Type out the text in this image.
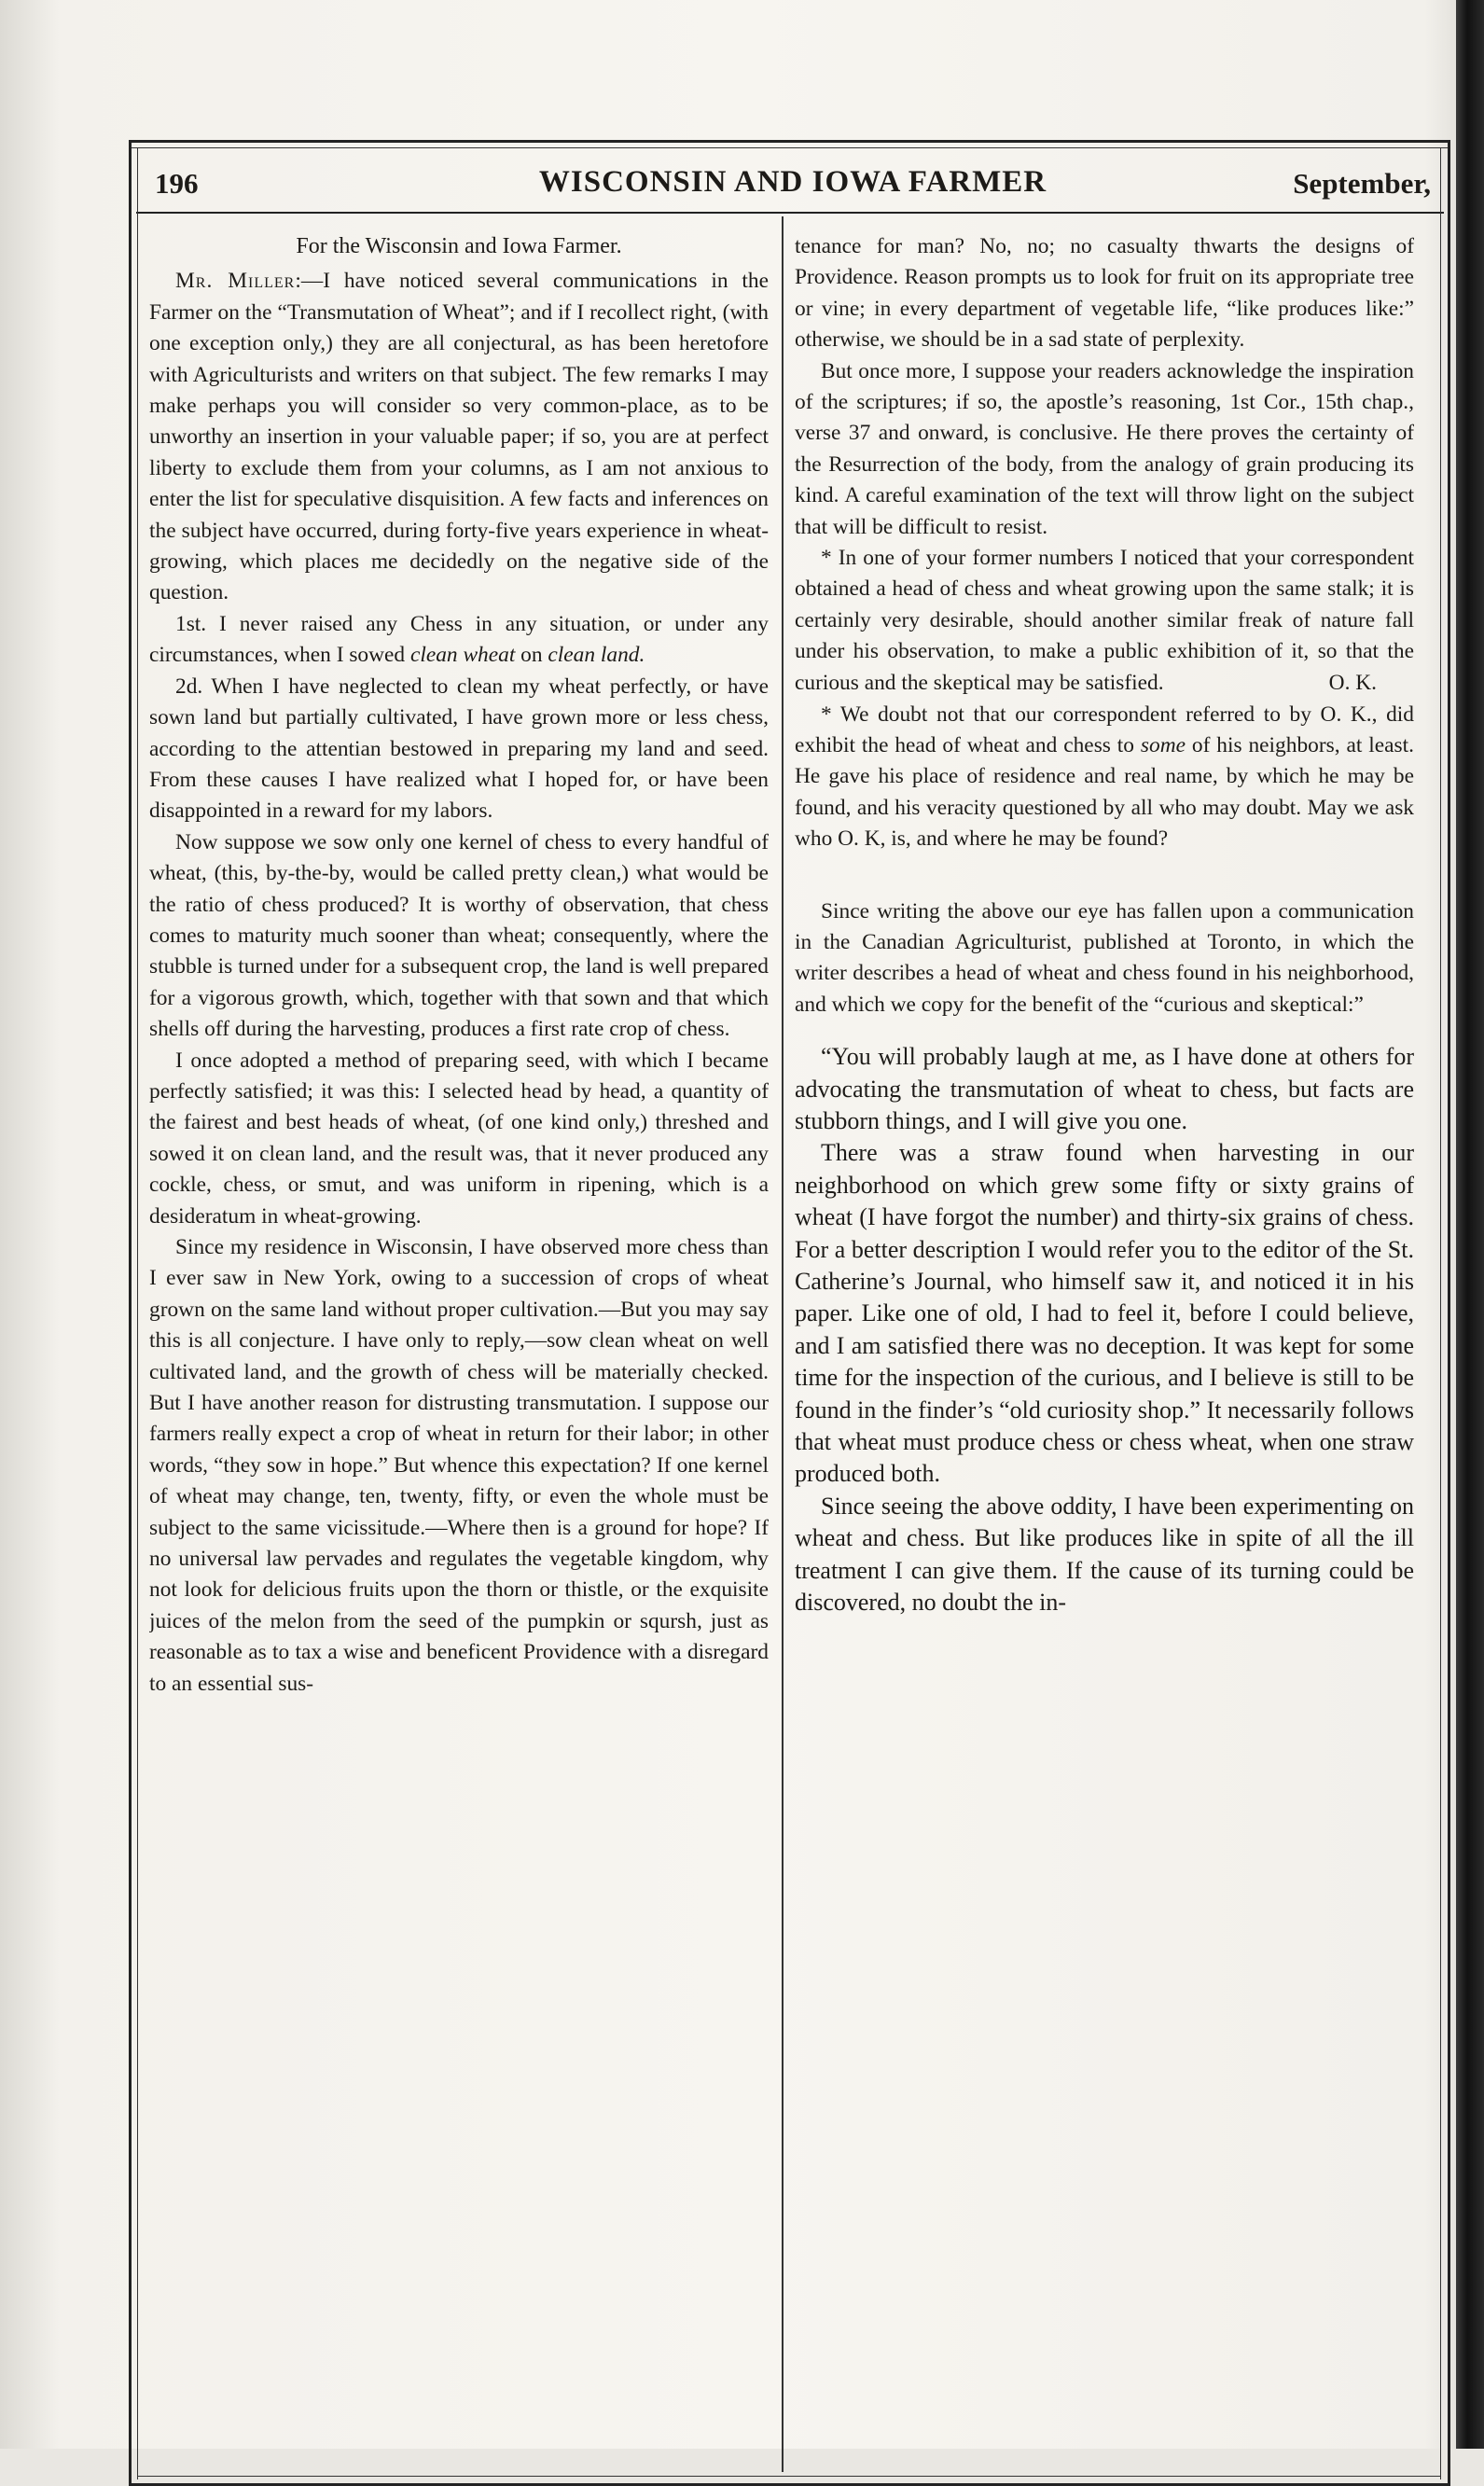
196	WISCONSIN AND IOWA FARMER	September,

For the Wisconsin and Iowa Farmer.

Mr. Miller:—I have noticed several communications in the Farmer on the “Transmutation of Wheat”; and if I recollect right, (with one exception only,) they are all conjectural, as has been heretofore with Agriculturists and writers on that subject. The few remarks I may make perhaps you will consider so very common-place, as to be unworthy an insertion in your valuable paper; if so, you are at perfect liberty to exclude them from your columns, as I am not anxious to enter the list for speculative disquisition. A few facts and inferences on the subject have occurred, during forty-five years experience in wheat-growing, which places me decidedly on the negative side of the question.

1st. I never raised any Chess in any situation, or under any circumstances, when I sowed clean wheat on clean land.

2d. When I have neglected to clean my wheat perfectly, or have sown land but partially cultivated, I have grown more or less chess, according to the attentian bestowed in preparing my land and seed. From these causes I have realized what I hoped for, or have been disappointed in a reward for my labors.

Now suppose we sow only one kernel of chess to every handful of wheat, (this, by-the-by, would be called pretty clean,) what would be the ratio of chess produced? It is worthy of observation, that chess comes to maturity much sooner than wheat; consequently, where the stubble is turned under for a subsequent crop, the land is well prepared for a vigorous growth, which, together with that sown and that which shells off during the harvesting, produces a first rate crop of chess.

I once adopted a method of preparing seed, with which I became perfectly satisfied; it was this: I selected head by head, a quantity of the fairest and best heads of wheat, (of one kind only,) threshed and sowed it on clean land, and the result was, that it never produced any cockle, chess, or smut, and was uniform in ripening, which is a desideratum in wheat-growing.

Since my residence in Wisconsin, I have observed more chess than I ever saw in New York, owing to a succession of crops of wheat grown on the same land without proper cultivation.—But you may say this is all conjecture. I have only to reply,—sow clean wheat on well cultivated land, and the growth of chess will be materially checked. But I have another reason for distrusting transmutation. I suppose our farmers really expect a crop of wheat in return for their labor; in other words, “they sow in hope.” But whence this expectation? If one kernel of wheat may change, ten, twenty, fifty, or even the whole must be subject to the same vicissitude.—Where then is a ground for hope? If no universal law pervades and regulates the vegetable kingdom, why not look for delicious fruits upon the thorn or thistle, or the exquisite juices of the melon from the seed of the pumpkin or sqursh, just as reasonable as to tax a wise and beneficent Providence with a disregard to an essential sus-

tenance for man? No, no; no casualty thwarts the designs of Providence. Reason prompts us to look for fruit on its appropriate tree or vine; in every department of vegetable life, “like produces like:” otherwise, we should be in a sad state of perplexity.

But once more, I suppose your readers acknowledge the inspiration of the scriptures; if so, the apostle’s reasoning, 1st Cor., 15th chap., verse 37 and onward, is conclusive. He there proves the certainty of the Resurrection of the body, from the analogy of grain producing its kind. A careful examination of the text will throw light on the subject that will be difficult to resist.

* In one of your former numbers I noticed that your correspondent obtained a head of chess and wheat growing upon the same stalk; it is certainly very desirable, should another similar freak of nature fall under his observation, to make a public exhibition of it, so that the curious and the skeptical may be satisfied.	O. K.

* We doubt not that our correspondent referred to by O. K., did exhibit the head of wheat and chess to some of his neighbors, at least. He gave his place of residence and real name, by which he may be found, and his veracity questioned by all who may doubt. May we ask who O. K, is, and where he may be found?

Since writing the above our eye has fallen upon a communication in the Canadian Agriculturist, published at Toronto, in which the writer describes a head of wheat and chess found in his neighborhood, and which we copy for the benefit of the “curious and skeptical:”

“You will probably laugh at me, as I have done at others for advocating the transmutation of wheat to chess, but facts are stubborn things, and I will give you one.

There was a straw found when harvesting in our neighborhood on which grew some fifty or sixty grains of wheat (I have forgot the number) and thirty-six grains of chess. For a better description I would refer you to the editor of the St. Catherine’s Journal, who himself saw it, and noticed it in his paper. Like one of old, I had to feel it, before I could believe, and I am satisfied there was no deception. It was kept for some time for the inspection of the curious, and I believe is still to be found in the finder’s “old curiosity shop.” It necessarily follows that wheat must produce chess or chess wheat, when one straw produced both.

Since seeing the above oddity, I have been experimenting on wheat and chess. But like produces like in spite of all the ill treatment I can give them. If the cause of its turning could be discovered, no doubt the in-
